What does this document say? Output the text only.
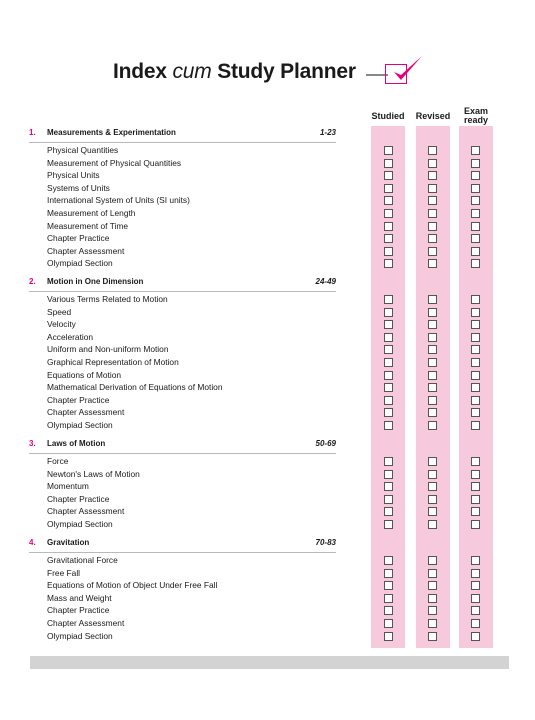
Index cum Study Planner
Studied	Revised	Exam ready
1. Measurements & Experimentation	1-23
Physical Quantities
Measurement of Physical Quantities
Physical Units
Systems of Units
International System of Units (SI units)
Measurement of Length
Measurement of Time
Chapter Practice
Chapter Assessment
Olympiad Section
2. Motion in One Dimension	24-49
Various Terms Related to Motion
Speed
Velocity
Acceleration
Uniform and Non-uniform Motion
Graphical Representation of Motion
Equations of Motion
Mathematical Derivation of Equations of Motion
Chapter Practice
Chapter Assessment
Olympiad Section
3. Laws of Motion	50-69
Force
Newton's Laws of Motion
Momentum
Chapter Practice
Chapter Assessment
Olympiad Section
4. Gravitation	70-83
Gravitational Force
Free Fall
Equations of Motion of Object Under Free Fall
Mass and Weight
Chapter Practice
Chapter Assessment
Olympiad Section
